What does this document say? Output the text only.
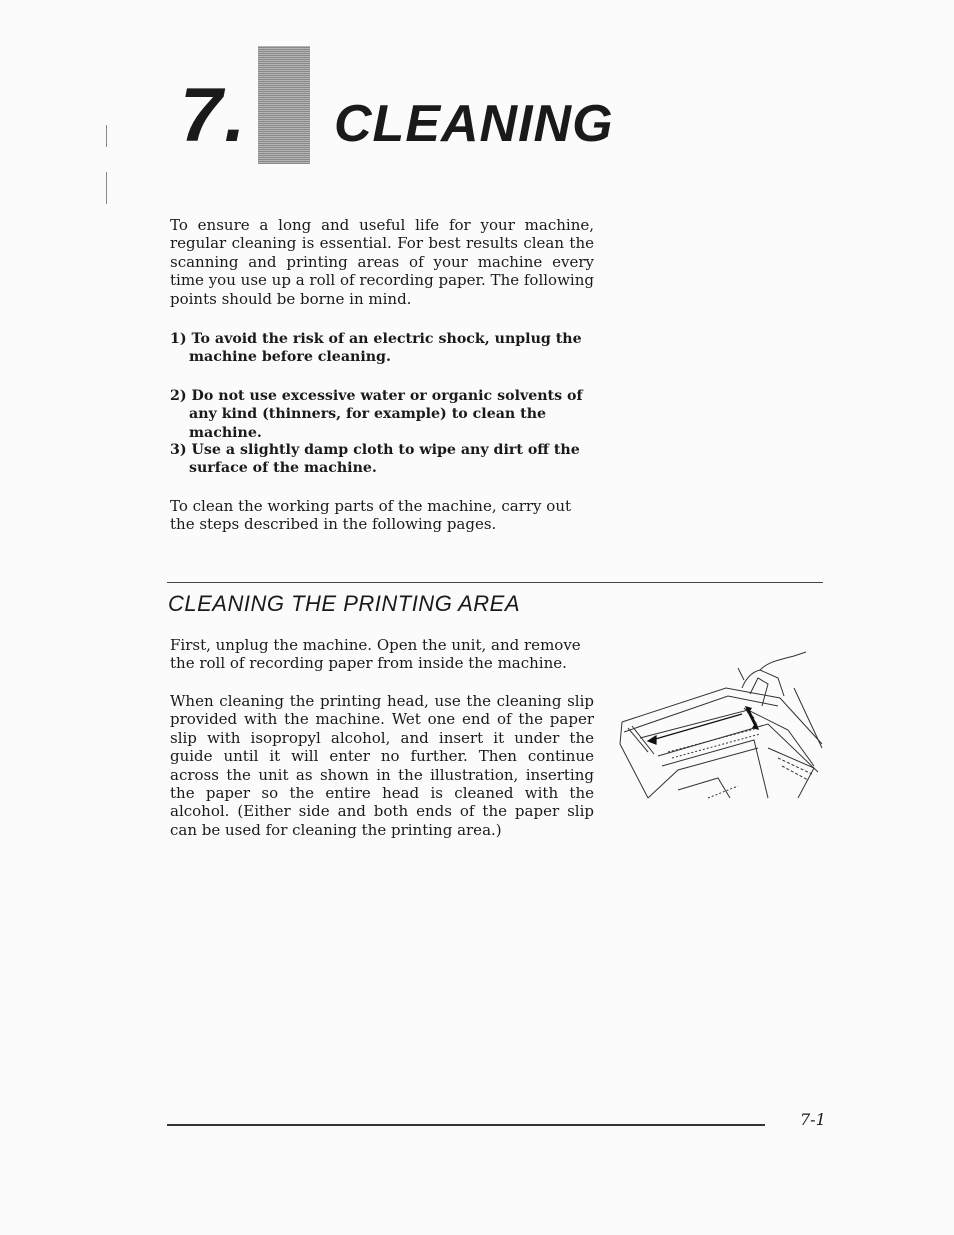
7. CLEANING

To ensure a long and useful life for your machine, regular cleaning is essential. For best results clean the scanning and printing areas of your machine every time you use up a roll of recording paper. The following points should be borne in mind.

1) To avoid the risk of an electric shock, unplug the machine before cleaning.

2) Do not use excessive water or organic solvents of any kind (thinners, for example) to clean the machine.

3) Use a slightly damp cloth to wipe any dirt off the surface of the machine.

To clean the working parts of the machine, carry out the steps described in the following pages.

CLEANING THE PRINTING AREA

First, unplug the machine. Open the unit, and remove the roll of recording paper from inside the machine.

When cleaning the printing head, use the cleaning slip provided with the machine. Wet one end of the paper slip with isopropyl alcohol, and insert it under the guide until it will enter no further. Then continue across the unit as shown in the illustration, inserting the paper so the entire head is cleaned with the alcohol. (Either side and both ends of the paper slip can be used for cleaning the printing area.)

7-1
